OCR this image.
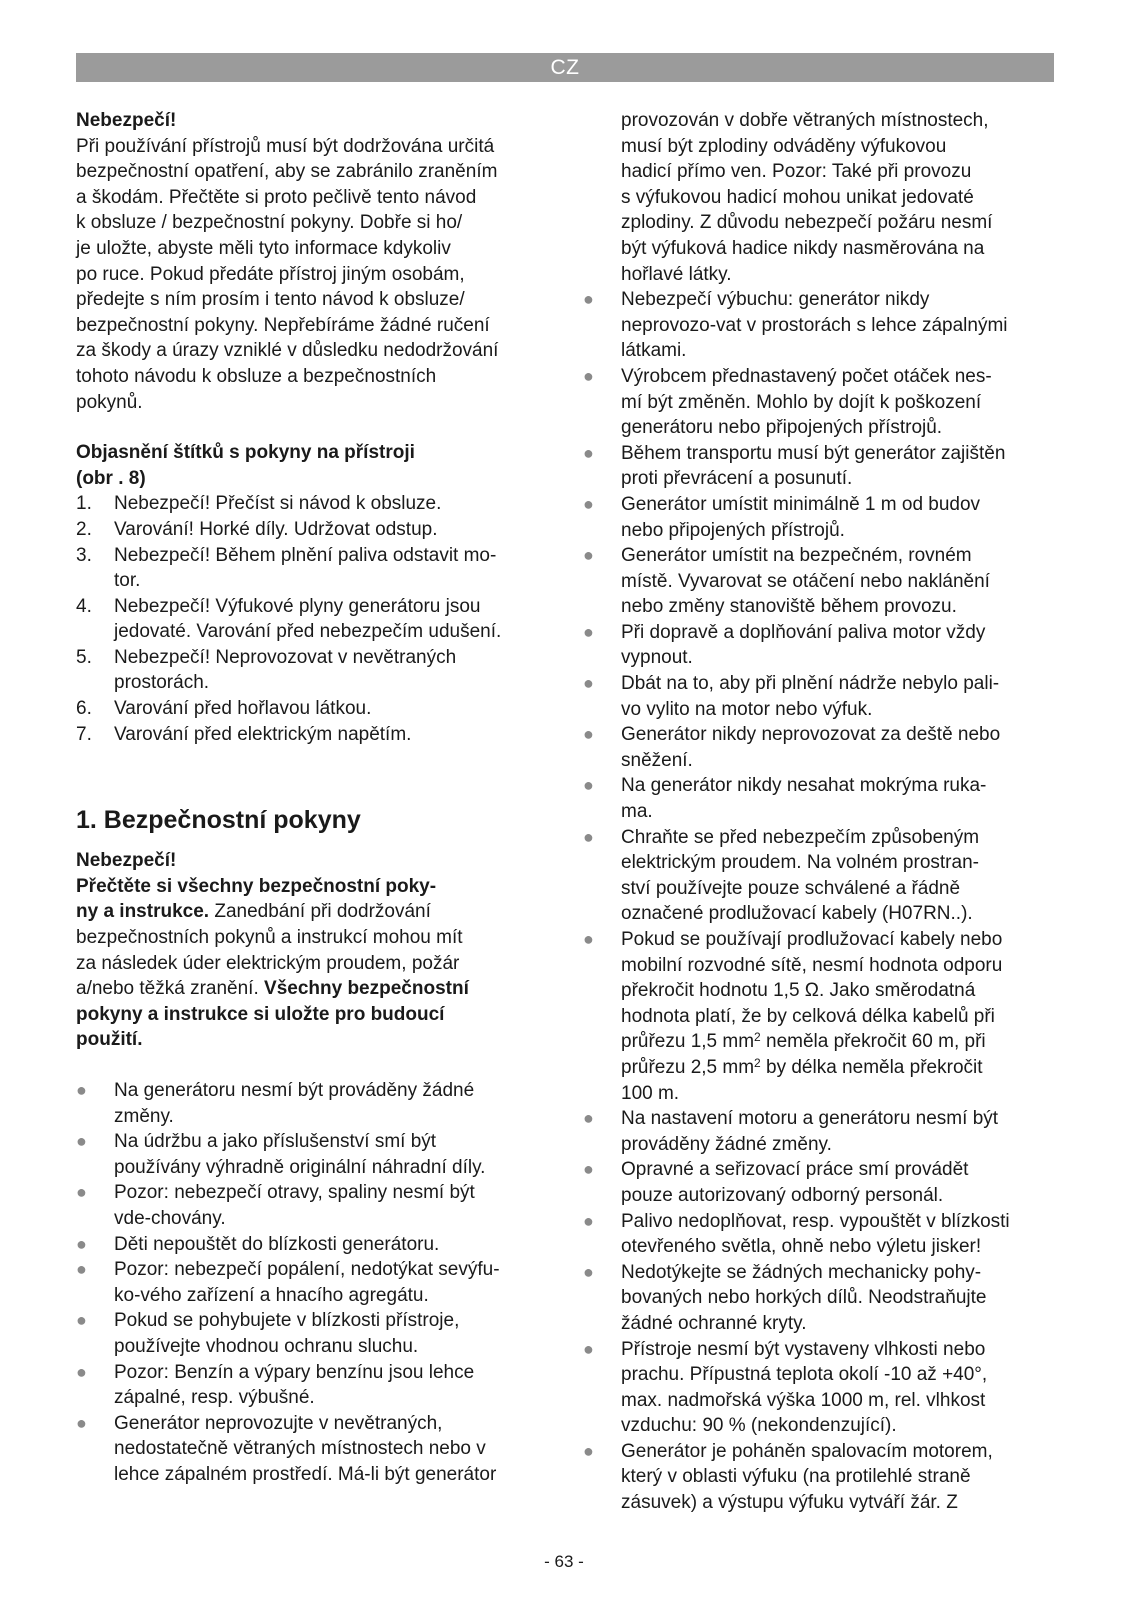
CZ

Nebezpečí!

Při používání přístrojů musí být dodržována určitá
bezpečnostní opatření, aby se zabránilo zraněním
a škodám. Přečtěte si proto pečlivě tento návod
k obsluze / bezpečnostní pokyny. Dobře si ho/
je uložte, abyste měli tyto informace kdykoliv
po ruce. Pokud předáte přístroj jiným osobám,
předejte s ním prosím i tento návod k obsluze/
bezpečnostní pokyny. Nepřebíráme žádné ručení
za škody a úrazy vzniklé v důsledku nedodržování
tohoto návodu k obsluze a bezpečnostních
pokynů.
Objasnění štítků s pokyny na přístroji
(obr . 8)
1. Nebezpečí! Přečíst si návod k obsluze.
2. Varování! Horké díly. Udržovat odstup.
3. Nebezpečí! Během plnění paliva odstavit mo-
tor.
4. Nebezpečí! Výfukové plyny generátoru jsou
jedovaté. Varování před nebezpečím udušení.
5. Nebezpečí! Neprovozovat v nevětraných
prostorách.
6. Varování před hořlavou látkou.
7. Varování před elektrickým napětím.
1. Bezpečnostní pokyny

Nebezpečí!

Přečtěte si všechny bezpečnostní poky-
ny a instrukce. Zanedbání při dodržování
bezpečnostních pokynů a instrukcí mohou mít
za následek úder elektrickým proudem, požár
a/nebo těžká zranění. Všechny bezpečnostní
pokyny a instrukce si uložte pro budoucí
použití.
● Na generátoru nesmí být prováděny žádné
změny.
● Na údržbu a jako příslušenství smí být
používány výhradně originální náhradní díly.
● Pozor: nebezpečí otravy, spaliny nesmí být
vde-chovány.
● Děti nepouštět do blízkosti generátoru.
● Pozor: nebezpečí popálení, nedotýkat sevýfu-
ko-vého zařízení a hnacího agregátu.
● Pokud se pohybujete v blízkosti přístroje,
používejte vhodnou ochranu sluchu.
● Pozor: Benzín a výpary benzínu jsou lehce
zápalné, resp. výbušné.
● Generátor neprovozujte v nevětraných,
nedostatečně větraných místnostech nebo v
lehce zápalném prostředí. Má-li být generátor
provozován v dobře větraných místnostech,
musí být zplodiny odváděny výfukovou
hadicí přímo ven. Pozor: Také při provozu
s výfukovou hadicí mohou unikat jedovaté
zplodiny. Z důvodu nebezpečí požáru nesmí
být výfuková hadice nikdy nasměrována na
hořlavé látky.
● Nebezpečí výbuchu: generátor nikdy
neprovozo-vat v prostorách s lehce zápalnými
látkami.
● Výrobcem přednastavený počet otáček nes-
mí být změněn. Mohlo by dojít k poškození
generátoru nebo připojených přístrojů.
● Během transportu musí být generátor zajištěn
proti převrácení a posunutí.
● Generátor umístit minimálně 1 m od budov
nebo připojených přístrojů.
● Generátor umístit na bezpečném, rovném
místě. Vyvarovat se otáčení nebo naklánění
nebo změny stanoviště během provozu.
● Při dopravě a doplňování paliva motor vždy
vypnout.
● Dbát na to, aby při plnění nádrže nebylo pali-
vo vylito na motor nebo výfuk.
● Generátor nikdy neprovozovat za deště nebo
sněžení.
● Na generátor nikdy nesahat mokrýma ruka-
ma.
● Chraňte se před nebezpečím způsobeným
elektrickým proudem. Na volném prostran-
ství používejte pouze schválené a řádně
označené prodlužovací kabely (H07RN..).
● Pokud se používají prodlužovací kabely nebo
mobilní rozvodné sítě, nesmí hodnota odporu
překročit hodnotu 1,5 Ω. Jako směrodatná
hodnota platí, že by celková délka kabelů při
průřezu 1,5 $mm^2$ neměla překročit 60 m, při
průřezu 2,5 $mm^2$ by délka neměla překročit
100 m.
● Na nastavení motoru a generátoru nesmí být
prováděny žádné změny.
● Opravné a seřizovací práce smí provádět
pouze autorizovaný odborný personál.
● Palivo nedoplňovat, resp. vypouštět v blízkosti
otevřeného světla, ohně nebo výletu jisker!
● Nedotýkejte se žádných mechanicky pohy-
bovaných nebo horkých dílů. Neodstraňujte
žádné ochranné kryty.
● Přístroje nesmí být vystaveny vlhkosti nebo
prachu. Přípustná teplota okolí -10 až +40°,
max. nadmořská výška 1000 m, rel. vlhkost
vzduchu: 90 % (nekondenzující).
● Generátor je poháněn spalovacím motorem,
který v oblasti výfuku (na protilehlé straně
zásuvek) a výstupu výfuku vytváří žár. Z
- 63 -
